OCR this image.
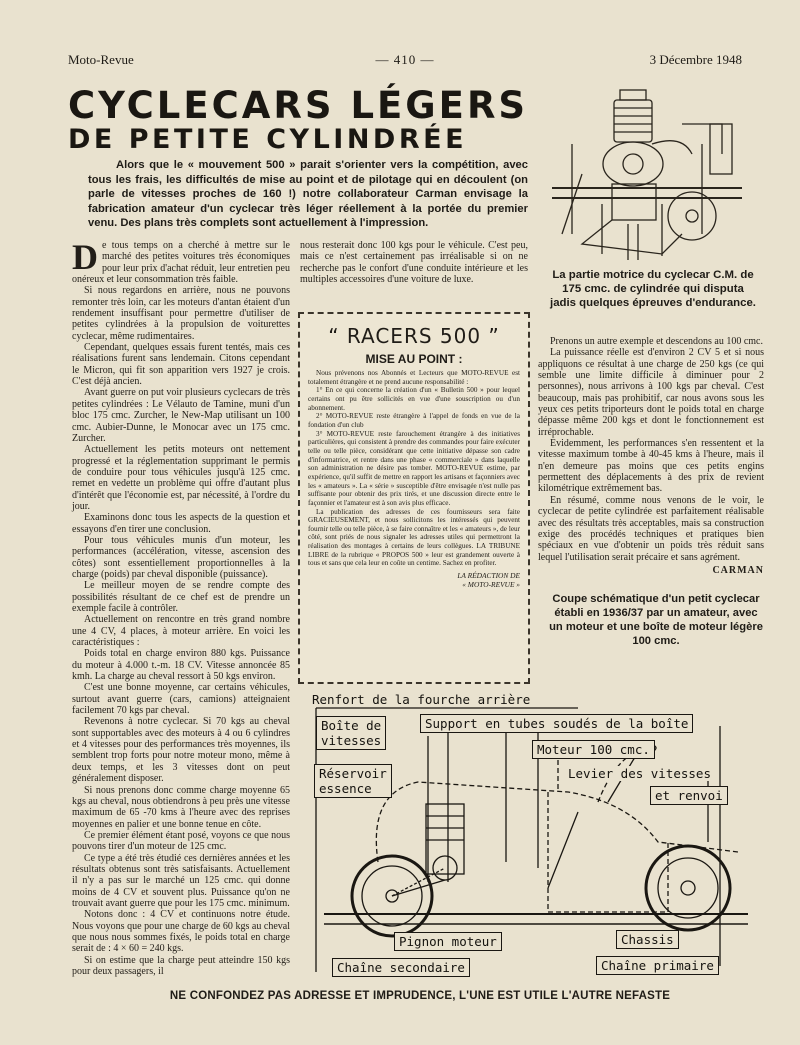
Moto-Revue	— 410 —	3 Décembre 1948
CYCLECARS LÉGERS
DE PETITE CYLINDRÉE
Alors que le « mouvement 500 » parait s'orienter vers la compétition, avec tous les frais, les difficultés de mise au point et de pilotage qui en découlent (on parle de vitesses proches de 160 !) notre collaborateur Carman envisage la fabrication amateur d'un cyclecar très léger réellement à la portée du premier venu. Des plans très complets sont actuellement à l'impression.
La partie motrice du cyclecar C.M. de 175 cmc. de cylindrée qui disputa jadis quelques épreuves d'endurance.

De tous temps on a cherché à mettre sur le marché des petites voitures très économiques pour leur prix d'achat réduit, leur entretien peu onéreux et leur consommation très faible.

Si nous regardons en arrière, nous ne pouvons remonter très loin, car les moteurs d'antan étaient d'un rendement insuffisant pour permettre d'utiliser de petites cylindrées à la propulsion de voiturettes cyclecar, même rudimentaires.

Cependant, quelques essais furent tentés, mais ces réalisations furent sans lendemain. Citons cependant le Micron, qui fit son apparition vers 1927 je crois. C'est déjà ancien.

Avant guerre on put voir plusieurs cyclecars de très petites cylindrées : Le Vélauto de Tamine, muni d'un bloc 175 cmc. Zurcher, le New-Map utilisant un 100 cmc. Aubier-Dunne, le Monocar avec un 175 cmc. Zurcher.

Actuellement les petits moteurs ont nettement progressé et la réglementation supprimant le permis de conduire pour tous véhicules jusqu'à 125 cmc. remet en vedette un problème qui offre d'autant plus d'intérêt que l'économie est, par nécessité, à l'ordre du jour.

Examinons donc tous les aspects de la question et essayons d'en tirer une conclusion.

Pour tous véhicules munis d'un moteur, les performances (accélération, vitesse, ascension des côtes) sont essentiellement proportionnelles à la charge (poids) par cheval disponible (puissance).

Le meilleur moyen de se rendre compte des possibilités résultant de ce chef est de prendre un exemple facile à contrôler.

Actuellement on rencontre en très grand nombre une 4 CV, 4 places, à moteur arrière. En voici les caractéristiques :

Poids total en charge environ 880 kgs. Puissance du moteur à 4.000 t.-m. 18 CV. Vitesse annoncée 85 kmh. La charge au cheval ressort à 50 kgs environ.

C'est une bonne moyenne, car certains véhicules, surtout avant guerre (cars, camions) atteignaient facilement 70 kgs par cheval.

Revenons à notre cyclecar. Si 70 kgs au cheval sont supportables avec des moteurs à 4 ou 6 cylindres et 4 vitesses pour des performances très moyennes, ils semblent trop forts pour notre moteur mono, même à deux temps, et les 3 vitesses dont on peut généralement disposer.

Si nous prenons donc comme charge moyenne 65 kgs au cheval, nous obtiendrons à peu près une vitesse maximum de 65 -70 kms à l'heure avec des reprises moyennes en palier et une bonne tenue en côte.

Ce premier élément étant posé, voyons ce que nous pouvons tirer d'un moteur de 125 cmc.

Ce type a été très étudié ces dernières années et les résultats obtenus sont très satisfaisants. Actuellement il n'y a pas sur le marché un 125 cmc. qui donne moins de 4 CV et souvent plus. Puissance qu'on ne trouvait avant guerre que pour les 175 cmc. minimum.

Notons donc : 4 CV et continuons notre étude. Nous voyons que pour une charge de 60 kgs au cheval que nous nous sommes fixés, le poids total en charge serait de : 4 × 60 = 240 kgs.

Si on estime que la charge peut atteindre 150 kgs pour deux passagers, il

nous resterait donc 100 kgs pour le véhicule. C'est peu, mais ce n'est certainement pas irréalisable si on ne recherche pas le confort d'une conduite intérieure et les multiples accessoires d'une voiture de luxe.

“ RACERS 500 ”
MISE AU POINT :

Nous prévenons nos Abonnés et Lecteurs que MOTO-REVUE est totalement étrangère et ne prend aucune responsabilité :

1° En ce qui concerne la création d'un « Bulletin 500 » pour lequel certains ont pu être sollicités en vue d'une souscription ou d'un abonnement.

2° MOTO-REVUE reste étrangère à l'appel de fonds en vue de la fondation d'un club

3° MOTO-REVUE reste farouchement étrangère à des initiatives particulières, qui consistent à prendre des commandes pour faire exécuter telle ou telle pièce, considérant que cette initiative dépasse son cadre d'informatrice, et rentre dans une phase « commerciale » dans laquelle son administration ne désire pas tomber. MOTO-REVUE estime, par expérience, qu'il suffit de mettre en rapport les artisans et façonniers avec les « amateurs ». La « série » susceptible d'être envisagée n'est nulle pas suffisante pour obtenir des prix tirés, et une discussion directe entre le façonnier et l'amateur est à son avis plus efficace.

La publication des adresses de ces fournisseurs sera faite GRACIEUSEMENT, et nous sollicitons les intéressés qui peuvent fournir telle ou telle pièce, à se faire connaître et les « amateurs », de leur côté, sont priés de nous signaler les adresses utiles qui permettront la réalisation des montages à certains de leurs collègues. LA TRIBUNE LIBRE de la rubrique « PROPOS 500 » leur est grandement ouverte à tous et sans que cela leur en coûte un centime. Sachez en profiter.

LA RÉDACTION DE
« MOTO-REVUE »

Prenons un autre exemple et descendons au 100 cmc.

La puissance réelle est d'environ 2 CV 5 et si nous appliquons ce résultat à une charge de 250 kgs (ce qui semble une limite difficile à diminuer pour 2 personnes), nous arrivons à 100 kgs par cheval. C'est beaucoup, mais pas prohibitif, car nous avons sous les yeux ces petits triporteurs dont le poids total en charge dépasse même 200 kgs et dont le fonctionnement est irréprochable.

Evidemment, les performances s'en ressentent et la vitesse maximum tombe à 40-45 kms à l'heure, mais il n'en demeure pas moins que ces petits engins permettent des déplacements à des prix de revient kilométrique extrêmement bas.

En résumé, comme nous venons de le voir, le cyclecar de petite cylindrée est parfaitement réalisable avec des résultats très acceptables, mais sa construction exige des procédés techniques et pratiques bien spéciaux en vue d'obtenir un poids très réduit sans lequel l'utilisation serait précaire et sans agrément.

CARMAN
Coupe schématique d'un petit cyclecar établi en 1936/37 par un amateur, avec un moteur et une boîte de moteur légère 100 cmc.
Renfort de la fourche arrière
Boîte de
vitesses
Support en tubes soudés de la boîte
Moteur 100 cmc.
Réservoir
essence
Levier des vitesses
et renvoi
Pignon moteur	Chassis
Chaîne secondaire	Chaîne primaire
NE CONFONDEZ PAS ADRESSE ET IMPRUDENCE, L'UNE EST UTILE L'AUTRE NEFASTE
